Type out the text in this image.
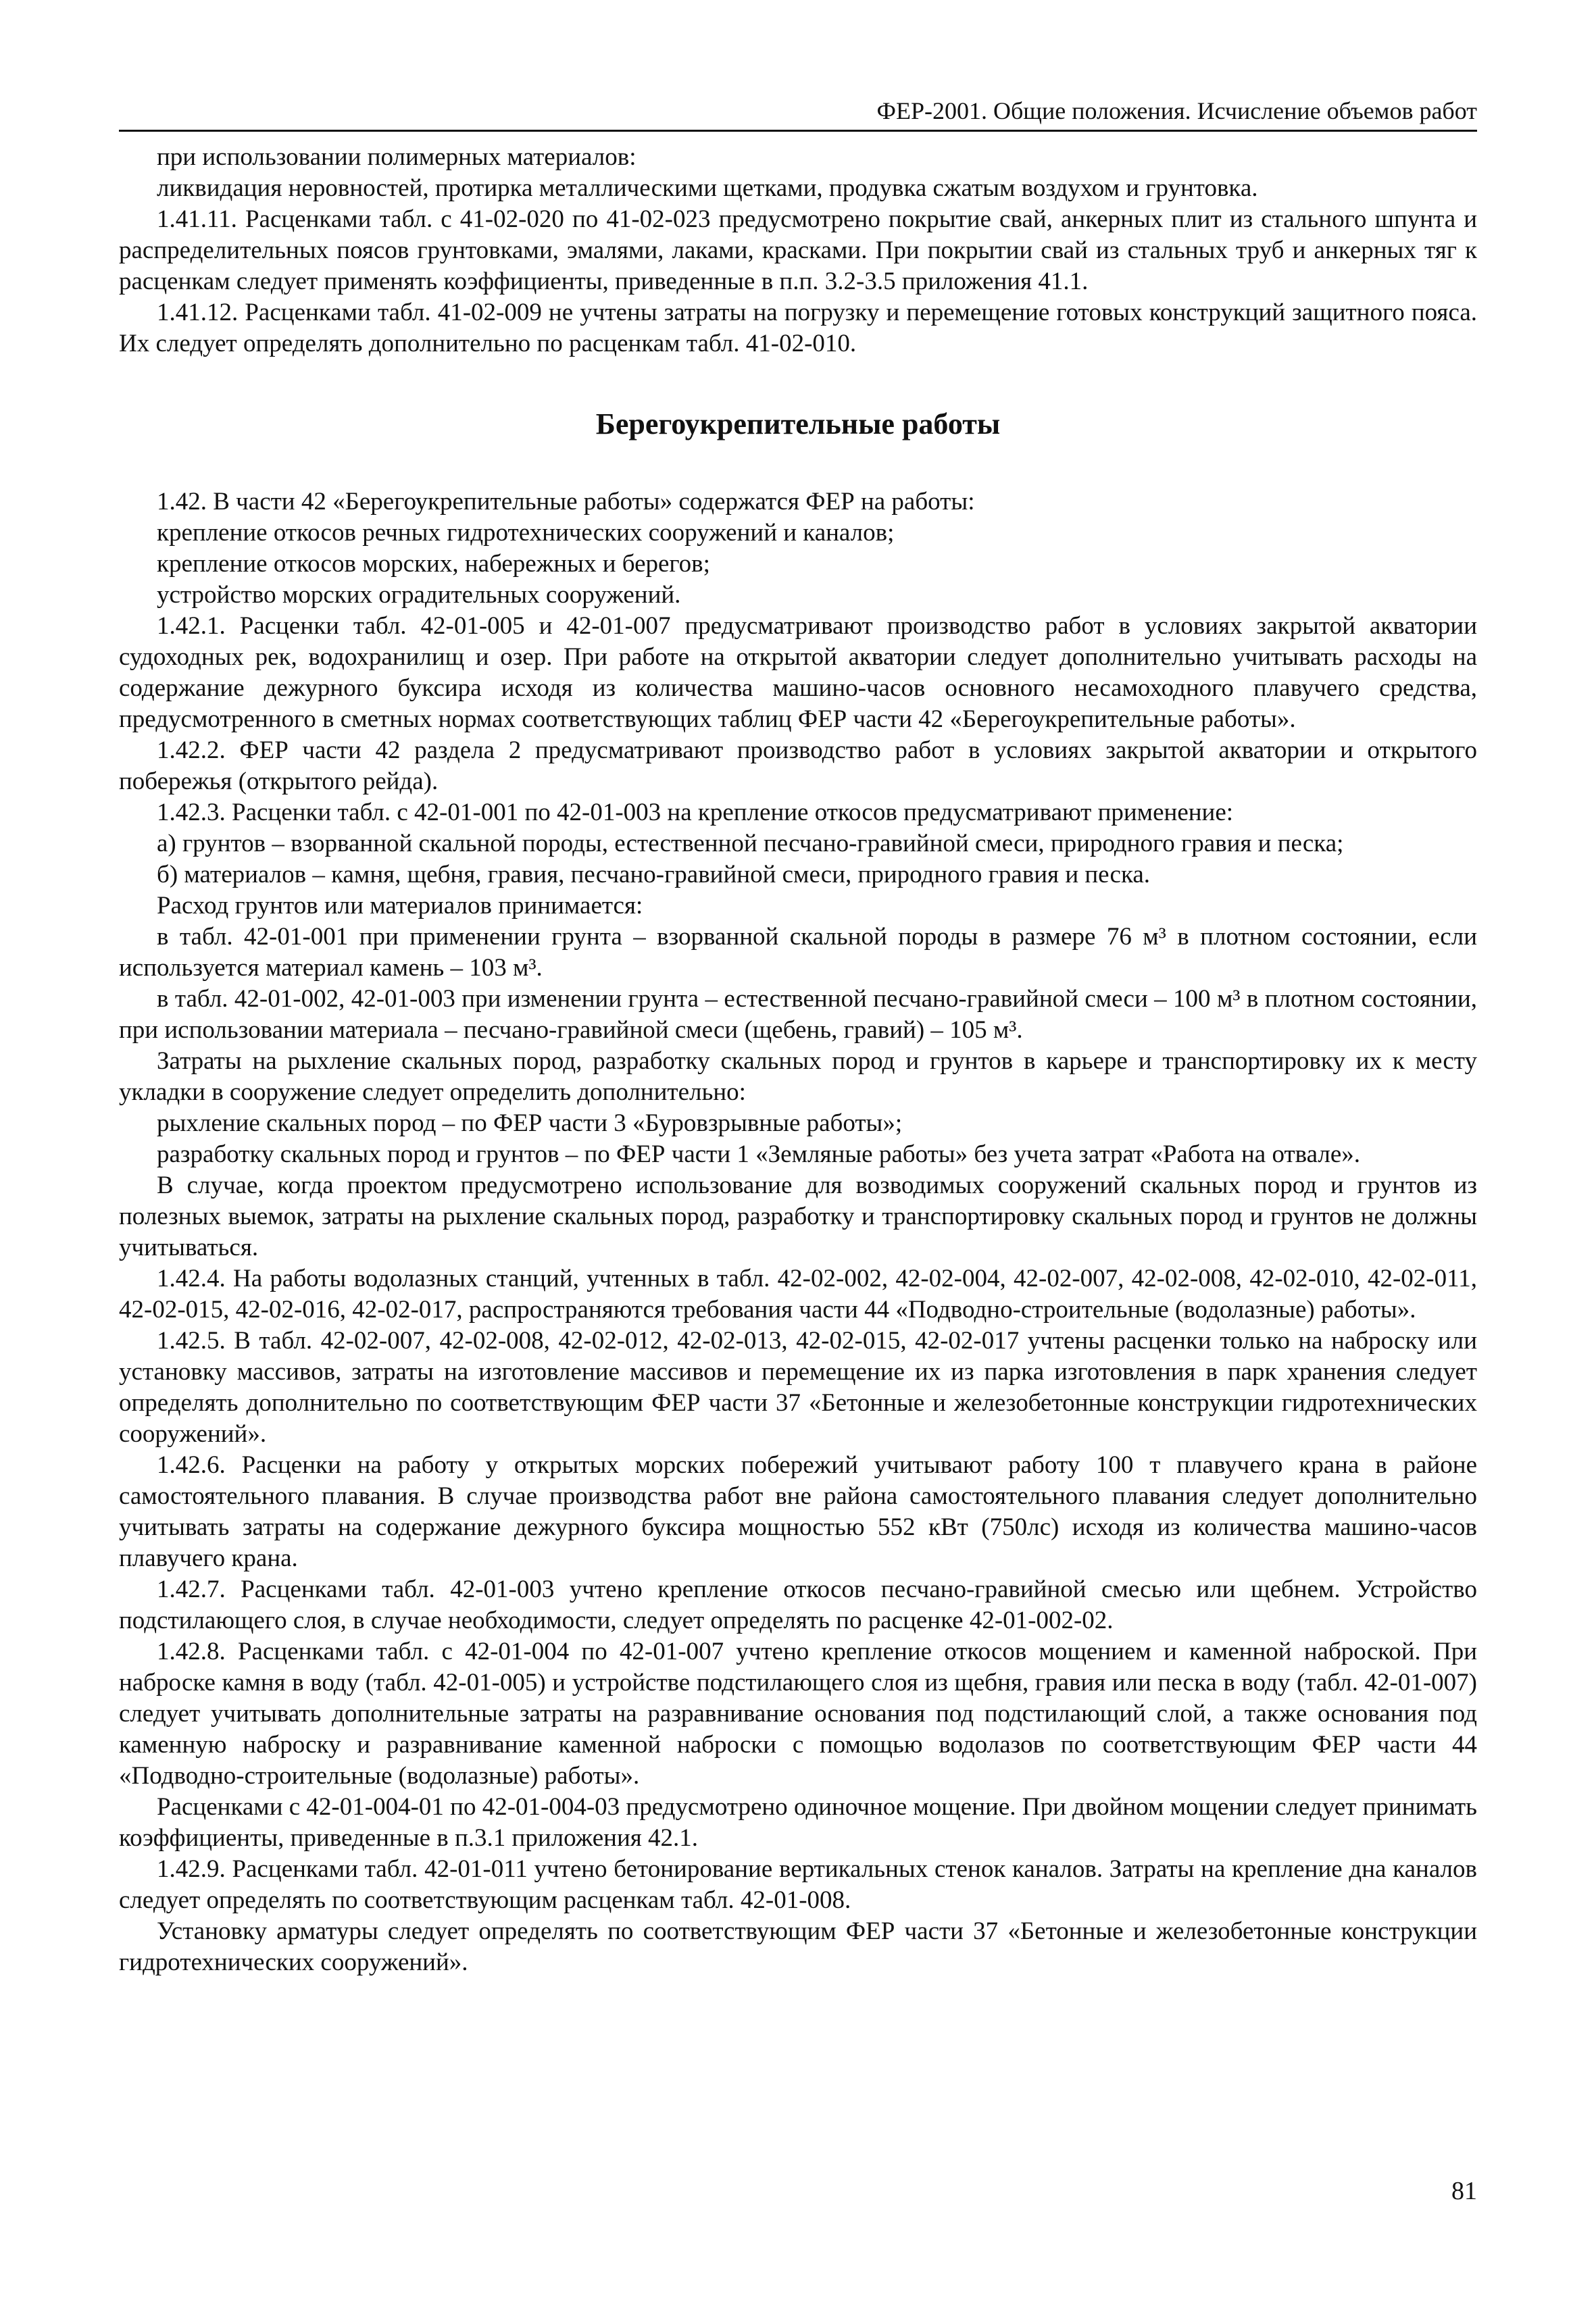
ФЕР-2001. Общие положения. Исчисление объемов работ

при использовании полимерных материалов:

ликвидация неровностей, протирка металлическими щетками, продувка сжатым воздухом и грунтовка.

1.41.11. Расценками табл. с 41-02-020 по 41-02-023 предусмотрено покрытие свай, анкерных плит из стального шпунта и распределительных поясов грунтовками, эмалями, лаками, красками. При покрытии свай из стальных труб и анкерных тяг к расценкам следует применять коэффициенты, приведенные в п.п. 3.2-3.5 приложения 41.1.

1.41.12. Расценками табл. 41-02-009 не учтены затраты на погрузку и перемещение готовых конструкций защитного пояса. Их следует определять дополнительно по расценкам табл. 41-02-010.

Берегоукрепительные работы

1.42. В части 42 «Берегоукрепительные работы» содержатся ФЕР на работы:

крепление откосов речных гидротехнических сооружений и каналов;

крепление откосов морских, набережных и берегов;

устройство морских оградительных сооружений.

1.42.1. Расценки табл. 42-01-005 и 42-01-007 предусматривают производство работ в условиях закрытой акватории судоходных рек, водохранилищ и озер. При работе на открытой акватории следует дополнительно учитывать расходы на содержание дежурного буксира исходя из количества машино-часов основного несамоходного плавучего средства, предусмотренного в сметных нормах соответствующих таблиц ФЕР части 42 «Берегоукрепительные работы».

1.42.2. ФЕР части 42 раздела 2 предусматривают производство работ в условиях закрытой акватории и открытого побережья (открытого рейда).

1.42.3. Расценки табл. с 42-01-001 по 42-01-003 на крепление откосов предусматривают применение:

а) грунтов – взорванной скальной породы, естественной песчано-гравийной смеси, природного гравия и песка;

б) материалов – камня, щебня, гравия, песчано-гравийной смеси, природного гравия и песка.

Расход грунтов или материалов принимается:

в табл. 42-01-001 при применении грунта – взорванной скальной породы в размере 76 м³ в плотном состоянии, если используется материал камень – 103 м³.

в табл. 42-01-002, 42-01-003 при изменении грунта – естественной песчано-гравийной смеси – 100 м³ в плотном состоянии, при использовании материала – песчано-гравийной смеси (щебень, гравий) – 105 м³.

Затраты на рыхление скальных пород, разработку скальных пород и грунтов в карьере и транспортировку их к месту укладки в сооружение следует определить дополнительно:

рыхление скальных пород – по ФЕР части 3 «Буровзрывные работы»;

разработку скальных пород и грунтов – по ФЕР части 1 «Земляные работы» без учета затрат «Работа на отвале».

В случае, когда проектом предусмотрено использование для возводимых сооружений скальных пород и грунтов из полезных выемок, затраты на рыхление скальных пород, разработку и транспортировку скальных пород и грунтов не должны учитываться.

1.42.4. На работы водолазных станций, учтенных в табл. 42-02-002, 42-02-004, 42-02-007, 42-02-008, 42-02-010, 42-02-011, 42-02-015, 42-02-016, 42-02-017, распространяются требования части 44 «Подводно-строительные (водолазные) работы».

1.42.5. В табл. 42-02-007, 42-02-008, 42-02-012, 42-02-013, 42-02-015, 42-02-017 учтены расценки только на наброску или установку массивов, затраты на изготовление массивов и перемещение их из парка изготовления в парк хранения следует определять дополнительно по соответствующим ФЕР части 37 «Бетонные и железобетонные конструкции гидротехнических сооружений».

1.42.6. Расценки на работу у открытых морских побережий учитывают работу 100 т плавучего крана в районе самостоятельного плавания. В случае производства работ вне района самостоятельного плавания следует дополнительно учитывать затраты на содержание дежурного буксира мощностью 552 кВт (750лс) исходя из количества машино-часов плавучего крана.

1.42.7. Расценками табл. 42-01-003 учтено крепление откосов песчано-гравийной смесью или щебнем. Устройство подстилающего слоя, в случае необходимости, следует определять по расценке 42-01-002-02.

1.42.8. Расценками табл. с 42-01-004 по 42-01-007 учтено крепление откосов мощением и каменной наброской. При наброске камня в воду (табл. 42-01-005) и устройстве подстилающего слоя из щебня, гравия или песка в воду (табл. 42-01-007) следует учитывать дополнительные затраты на разравнивание основания под подстилающий слой, а также основания под каменную наброску и разравнивание каменной наброски с помощью водолазов по соответствующим ФЕР части 44 «Подводно-строительные (водолазные) работы».

Расценками с 42-01-004-01 по 42-01-004-03 предусмотрено одиночное мощение. При двойном мощении следует принимать коэффициенты, приведенные в п.3.1 приложения 42.1.

1.42.9. Расценками табл. 42-01-011 учтено бетонирование вертикальных стенок каналов. Затраты на крепление дна каналов следует определять по соответствующим расценкам табл. 42-01-008.

Установку арматуры следует определять по соответствующим ФЕР части 37 «Бетонные и железобетонные конструкции гидротехнических сооружений».

81
